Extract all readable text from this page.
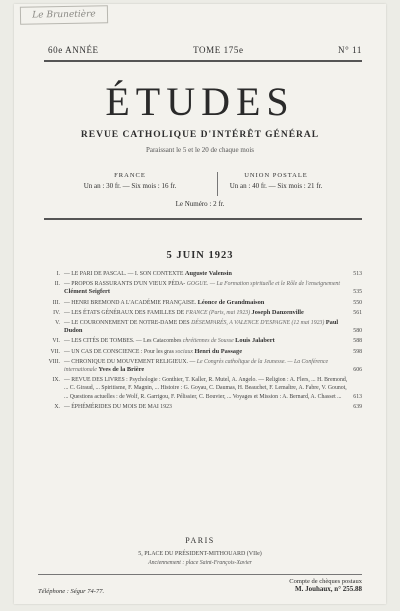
Le Brunetière
60e ANNÉE	TOME 175e	N° 11
ÉTUDES
REVUE CATHOLIQUE D'INTÉRÊT GÉNÉRAL
Paraissant le 5 et le 20 de chaque mois
FRANCE
Un an : 30 fr. — Six mois : 16 fr.
UNION POSTALE
Un an : 40 fr. — Six mois : 21 fr.
Le Numéro : 2 fr.
5 JUIN 1923
I. — LE PARI DE PASCAL. — I. SON CONTEXTE Auguste Valensin	513
II. — PROPOS RASSURANTS D'UN VIEUX PÉDA- GOGUE. — La Formation spirituelle et le Rôle de l'enseignement Clément Seigfert	535
III. — HENRI BREMOND A L'ACADÉMIE FRANÇAISE. Léonce de Grandmaison	550
IV. — LES ÉTATS GÉNÉRAUX DES FAMILLES DE FRANCE (Paris, mai 1923) Joseph Danzenville	561
V. — LE COURONNEMENT DE NOTRE-DAME DES DÉSEMPARÉS, A VALENCE D'ESPAGNE (12 mai 1923) Paul Dudon	580
VI. — LES CITÉS DE TOMBES. — Les Catacombes chrétiennes de Sousse Louis Jalabert	588
VII. — UN CAS DE CONSCIENCE : Pour les gras sociaux Henri du Passage	598
VIII. — CHRONIQUE DU MOUVEMENT RELIGIEUX. — Le Congrès catholique de la Jeunesse. — La Conférence internationale Yves de la Brière	606
IX. — REVUE DES LIVRES : Psychologie : Gonthier, T. Kaller, R. Mutel, A. Angelo. — Religion : A. Flers, ... H. Bremond, ... C. Giraud, ... Spiritisme, F. Magnin, ... Histoire : G. Goyau, C. Daumas, H. Beauchet, F. Lemaître, A. Fabre, V. Gounot, ... Questions actuelles : de Wolf, R. Garrigou, F. Pélissier, C. Bouvier, ... Voyages et Mission : A. Bernard, A. Chasset ...	613
X. — ÉPHÉMÉRIDES DU MOIS DE MAI 1923	639
PARIS
5, PLACE DU PRÉSIDENT-MITHOUARD (VIIe)
Anciennement : place Saint-François-Xavier
Téléphone : Ségur 74-77.
Compte de chèques postaux
M. Jouhaux, n° 255.88
